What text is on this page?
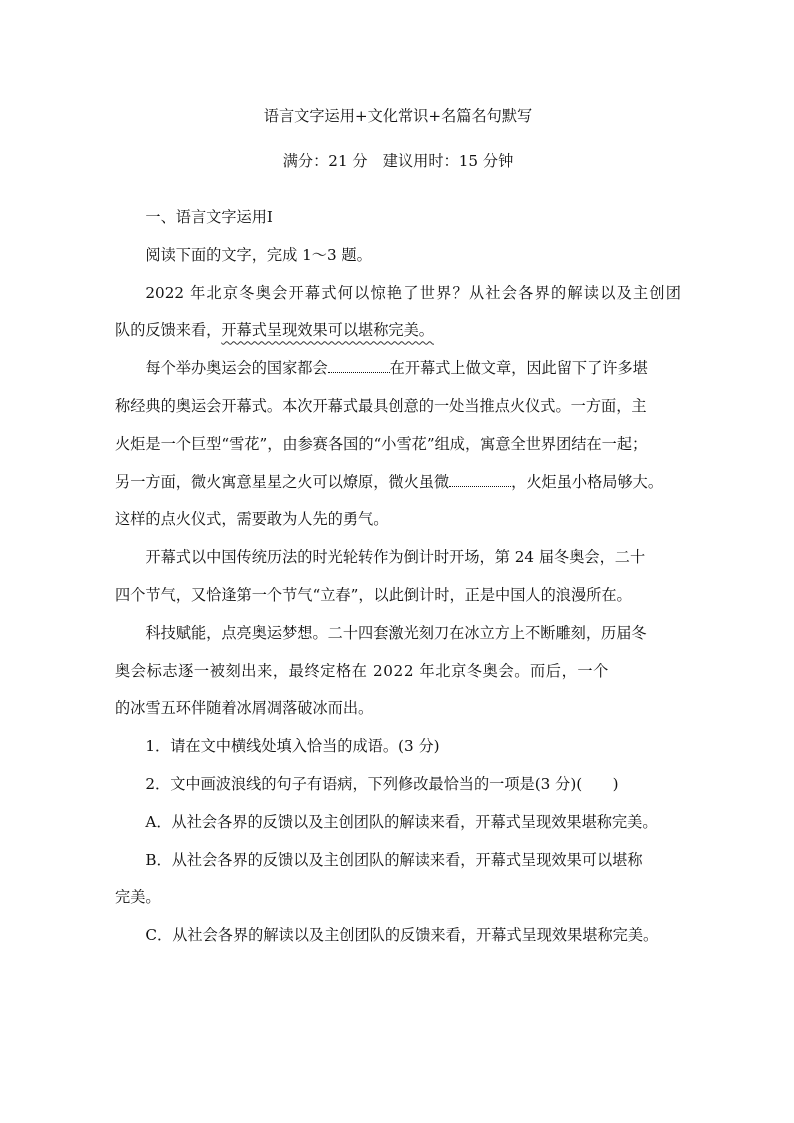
语言文字运用+文化常识+名篇名句默写

满分：21 分　建议用时：15 分钟

一、语言文字运用Ⅰ

阅读下面的文字，完成 1～3 题。

2022 年北京冬奥会开幕式何以惊艳了世界？从社会各界的解读以及主创团

队的反馈来看，开幕式呈现效果可以堪称完美。

每个举办奥运会的国家都会	在开幕式上做文章，因此留下了许多堪

称经典的奥运会开幕式。本次开幕式最具创意的一处当推点火仪式。一方面，主

火炬是一个巨型“雪花”，由参赛各国的“小雪花”组成，寓意全世界团结在一起；

另一方面，微火寓意星星之火可以燎原，微火虽微	，火炬虽小格局够大。

这样的点火仪式，需要敢为人先的勇气。

开幕式以中国传统历法的时光轮转作为倒计时开场，第 24 届冬奥会，二十

四个节气，又恰逢第一个节气“立春”，以此倒计时，正是中国人的浪漫所在。

科技赋能，点亮奥运梦想。二十四套激光刻刀在冰立方上不断雕刻，历届冬

奥会标志逐一被刻出来，最终定格在 2022 年北京冬奥会。而后，一个

的冰雪五环伴随着冰屑凋落破冰而出。

1．请在文中横线处填入恰当的成语。(3 分)

2．文中画波浪线的句子有语病，下列修改最恰当的一项是(3 分)(　　)

A．从社会各界的反馈以及主创团队的解读来看，开幕式呈现效果堪称完美。

B．从社会各界的反馈以及主创团队的解读来看，开幕式呈现效果可以堪称

完美。

C．从社会各界的解读以及主创团队的反馈来看，开幕式呈现效果堪称完美。
